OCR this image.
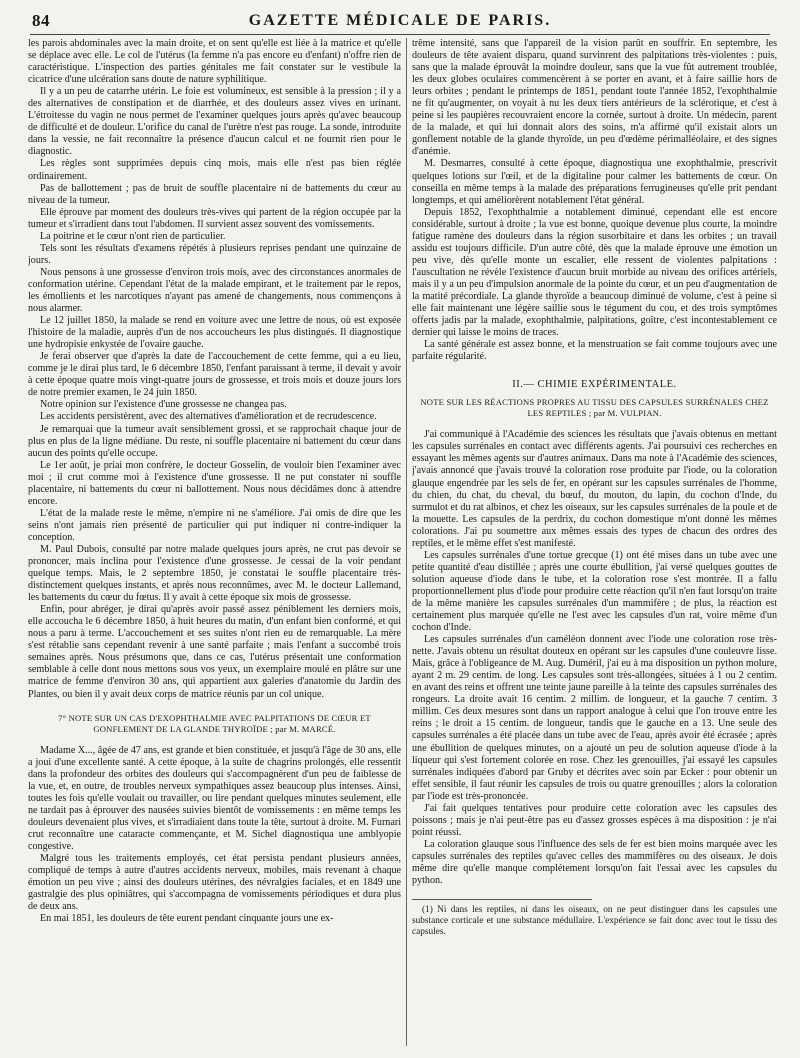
84	GAZETTE MÉDICALE DE PARIS.

les parois abdominales avec la main droite, et on sent qu'elle est liée à la matrice et qu'elle se déplace avec elle. Le col de l'utérus (la femme n'a pas encore eu d'enfant) n'offre rien de caractéristique. L'inspection des parties génitales me fait constater sur le vestibule la cicatrice d'une ulcération sans doute de nature syphilitique.

Il y a un peu de catarrhe utérin. Le foie est volumineux, est sensible à la pression ; il y a des alternatives de constipation et de diarrhée, et des douleurs assez vives en urinant. L'étroitesse du vagin ne nous permet de l'examiner quelques jours après qu'avec beaucoup de difficulté et de douleur. L'orifice du canal de l'urètre n'est pas rouge. La sonde, introduite dans la vessie, ne fait reconnaître la présence d'aucun calcul et ne fournit rien pour le diagnostic.

Les règles sont supprimées depuis cinq mois, mais elle n'est pas bien réglée ordinairement.

Pas de ballottement ; pas de bruit de souffle placentaire ni de battements du cœur au niveau de la tumeur.

Elle éprouve par moment des douleurs très-vives qui partent de la région occupée par la tumeur et s'irradient dans tout l'abdomen. Il survient assez souvent des vomissements.

La poitrine et le cœur n'ont rien de particulier.

Tels sont les résultats d'examens répétés à plusieurs reprises pendant une quinzaine de jours.

Nous pensons à une grossesse d'environ trois mois, avec des circonstances anormales de conformation utérine. Cependant l'état de la malade empirant, et le traitement par le repos, les émollients et les narcotiques n'ayant pas amené de changements, nous commençons à nous alarmer.

Le 12 juillet 1850, la malade se rend en voiture avec une lettre de nous, où est exposée l'histoire de la maladie, auprès d'un de nos accoucheurs les plus distingués. Il diagnostique une hydropisie enkystée de l'ovaire gauche.

Je ferai observer que d'après la date de l'accouchement de cette femme, qui a eu lieu, comme je le dirai plus tard, le 6 décembre 1850, l'enfant paraissant à terme, il devait y avoir à cette époque quatre mois vingt-quatre jours de grossesse, et trois mois et douze jours lors de notre premier examen, le 24 juin 1850.

Notre opinion sur l'existence d'une grossesse ne changea pas.

Les accidents persistèrent, avec des alternatives d'amélioration et de recrudescence.

Je remarquai que la tumeur avait sensiblement grossi, et se rapprochait chaque jour de plus en plus de la ligne médiane. Du reste, ni souffle placentaire ni battement du cœur dans aucun des points qu'elle occupe.

Le 1er août, je priai mon confrère, le docteur Gosselin, de vouloir bien l'examiner avec moi ; il crut comme moi à l'existence d'une grossesse. Il ne put constater ni souffle placentaire, ni battements du cœur ni ballottement. Nous nous décidâmes donc à attendre encore.

L'état de la malade reste le même, n'empire ni ne s'améliore. J'ai omis de dire que les seins n'ont jamais rien présenté de particulier qui put indiquer ni contre-indiquer la conception.

M. Paul Dubois, consulté par notre malade quelques jours après, ne crut pas devoir se prononcer, mais inclina pour l'existence d'une grossesse. Je cessai de la voir pendant quelque temps. Mais, le 2 septembre 1850, je constatai le souffle placentaire très-distinctement quelques instants, et après nous reconnûmes, avec M. le docteur Lallemand, les battements du cœur du fœtus. Il y avait à cette époque six mois de grossesse.

Enfin, pour abréger, je dirai qu'après avoir passé assez péniblement les derniers mois, elle accoucha le 6 décembre 1850, à huit heures du matin, d'un enfant bien conformé, et qui nous a paru à terme. L'accouchement et ses suites n'ont rien eu de remarquable. La mère s'est rétablie sans cependant revenir à une santé parfaite ; mais l'enfant a succombé trois semaines après. Nous présumons que, dans ce cas, l'utérus présentait une conformation semblable à celle dont nous mettons sous vos yeux, un exemplaire moulé en plâtre sur une matrice de femme d'environ 30 ans, qui appartient aux galeries d'anatomie du Jardin des Plantes, ou bien il y avait deux corps de matrice réunis par un col unique.

7° NOTE SUR UN CAS D'EXOPHTHALMIE AVEC PALPITATIONS DE CŒUR ET GONFLEMENT DE LA GLANDE THYROÏDE ; par M. MARCÉ.

Madame X..., âgée de 47 ans, est grande et bien constituée, et jusqu'à l'âge de 30 ans, elle a joui d'une excellente santé. A cette époque, à la suite de chagrins prolongés, elle ressentit dans la profondeur des orbites des douleurs qui s'accompagnèrent d'un peu de faiblesse de la vue, et, en outre, de troubles nerveux sympathiques assez beaucoup plus intenses. Ainsi, toutes les fois qu'elle voulait ou travailler, ou lire pendant quelques minutes seulement, elle ne tardait pas à éprouver des nausées suivies bientôt de vomissements : en même temps les douleurs devenaient plus vives, et s'irradiaient dans toute la tête, surtout à droite. M. Furnari crut reconnaître une cataracte commençante, et M. Sichel diagnostiqua une amblyopie congestive.

Malgré tous les traitements employés, cet état persista pendant plusieurs années, compliqué de temps à autre d'autres accidents nerveux, mobiles, mais revenant à chaque émotion un peu vive ; ainsi des douleurs utérines, des névralgies faciales, et en 1849 une gastralgie des plus opiniâtres, qui s'accompagna de vomissements périodiques et dura plus de deux ans.

En mai 1851, les douleurs de tête eurent pendant cinquante jours une ex-

trême intensité, sans que l'appareil de la vision parût en souffrir. En septembre, les douleurs de tête avaient disparu, quand survinrent des palpitations très-violentes : puis, sans que la malade éprouvât la moindre douleur, sans que la vue fût autrement troublée, les deux globes oculaires commencèrent à se porter en avant, et à faire saillie hors de leurs orbites ; pendant le printemps de 1851, pendant toute l'année 1852, l'exophthalmie ne fit qu'augmenter, on voyait à nu les deux tiers antérieurs de la sclérotique, et c'est à peine si les paupières recouvraient encore la cornée, surtout à droite. Un médecin, parent de la malade, et qui lui donnait alors des soins, m'a affirmé qu'il existait alors un gonflement notable de la glande thyroïde, un peu d'œdème périmalléolaire, et des signes d'anémie.

M. Desmarres, consulté à cette époque, diagnostiqua une exophthalmie, prescrivit quelques lotions sur l'œil, et de la digitaline pour calmer les battements de cœur. On conseilla en même temps à la malade des préparations ferrugineuses qu'elle prit pendant longtemps, et qui améliorèrent notablement l'état général.

Depuis 1852, l'exophthalmie a notablement diminué, cependant elle est encore considérable, surtout à droite ; la vue est bonne, quoique devenue plus courte, la moindre fatigue ramène des douleurs dans la région susorbitaire et dans les orbites ; un travail assidu est toujours difficile. D'un autre côté, dès que la malade éprouve une émotion un peu vive, dès qu'elle monte un escalier, elle ressent de violentes palpitations : l'auscultation ne révèle l'existence d'aucun bruit morbide au niveau des orifices artériels, mais il y a un peu d'impulsion anormale de la pointe du cœur, et un peu d'augmentation de la matité précordiale. La glande thyroïde a beaucoup diminué de volume, c'est à peine si elle fait maintenant une légère saillie sous le tégument du cou, et des trois symptômes offerts jadis par la malade, exophthalmie, palpitations, goître, c'est incontestablement ce dernier qui laisse le moins de traces.

La santé générale est assez bonne, et la menstruation se fait comme toujours avec une parfaite régularité.

II.— CHIMIE EXPÉRIMENTALE.
NOTE SUR LES RÉACTIONS PROPRES AU TISSU DES CAPSULES SURRÉNALES CHEZ LES REPTILES ; par M. VULPIAN.

J'ai communiqué à l'Académie des sciences les résultats que j'avais obtenus en mettant les capsules surrénales en contact avec différents agents. J'ai poursuivi ces recherches en essayant les mêmes agents sur d'autres animaux. Dans ma note à l'Académie des sciences, j'avais annoncé que j'avais trouvé la coloration rose produite par l'iode, ou la coloration glauque engendrée par les sels de fer, en opérant sur les capsules surrénales de l'homme, du chien, du chat, du cheval, du bœuf, du mouton, du lapin, du cochon d'Inde, du surmulot et du rat albinos, et chez les oiseaux, sur les capsules surrénales de la poule et de la mouette. Les capsules de la perdrix, du cochon domestique m'ont donné les mêmes colorations. J'ai pu soumettre aux mêmes essais des types de chacun des ordres des reptiles, et le même effet s'est manifesté.

Les capsules surrénales d'une tortue grecque (1) ont été mises dans un tube avec une petite quantité d'eau distillée ; après une courte ébullition, j'ai versé quelques gouttes de solution aqueuse d'iode dans le tube, et la coloration rose s'est montrée. Il a fallu proportionnellement plus d'iode pour produire cette réaction qu'il n'en faut lorsqu'on traite de la même manière les capsules surrénales d'un mammifère ; de plus, la réaction est certainement plus marquée qu'elle ne l'est avec les capsules d'un rat, voire même d'un cochon d'Inde.

Les capsules surrénales d'un caméléon donnent avec l'iode une coloration rose très-nette. J'avais obtenu un résultat douteux en opérant sur les capsules d'une couleuvre lisse. Mais, grâce à l'obligeance de M. Aug. Duméril, j'ai eu à ma disposition un python molure, ayant 2 m. 29 centim. de long. Les capsules sont très-allongées, situées à 1 ou 2 centim. en avant des reins et offrent une teinte jaune pareille à la teinte des capsules surrénales des rongeurs. La droite avait 16 centim. 2 millim. de longueur, et la gauche 7 centim. 3 millim. Ces deux mesures sont dans un rapport analogue à celui que l'on trouve entre les reins ; le droit a 15 centim. de longueur, tandis que le gauche en a 13. Une seule des capsules surrénales a été placée dans un tube avec de l'eau, après avoir été écrasée ; après une ébullition de quelques minutes, on a ajouté un peu de solution aqueuse d'iode à la liqueur qui s'est fortement colorée en rose. Chez les grenouilles, j'ai essayé les capsules surrénales indiquées d'abord par Gruby et décrites avec soin par Ecker : pour obtenir un effet sensible, il faut réunir les capsules de trois ou quatre grenouilles ; alors la coloration par l'iode est très-prononcée.

J'ai fait quelques tentatives pour produire cette coloration avec les capsules des poissons ; mais je n'ai peut-être pas eu d'assez grosses espèces à ma disposition : je n'ai point réussi.

La coloration glauque sous l'influence des sels de fer est bien moins marquée avec les capsules surrénales des reptiles qu'avec celles des mammifères ou des oiseaux. Je dois même dire qu'elle manque complétement lorsqu'on fait l'essai avec les capsules du python.

(1) Ni dans les reptiles, ni dans les oiseaux, on ne peut distinguer dans les capsules une substance corticale et une substance médullaire. L'expérience se fait donc avec tout le tissu des capsules.
